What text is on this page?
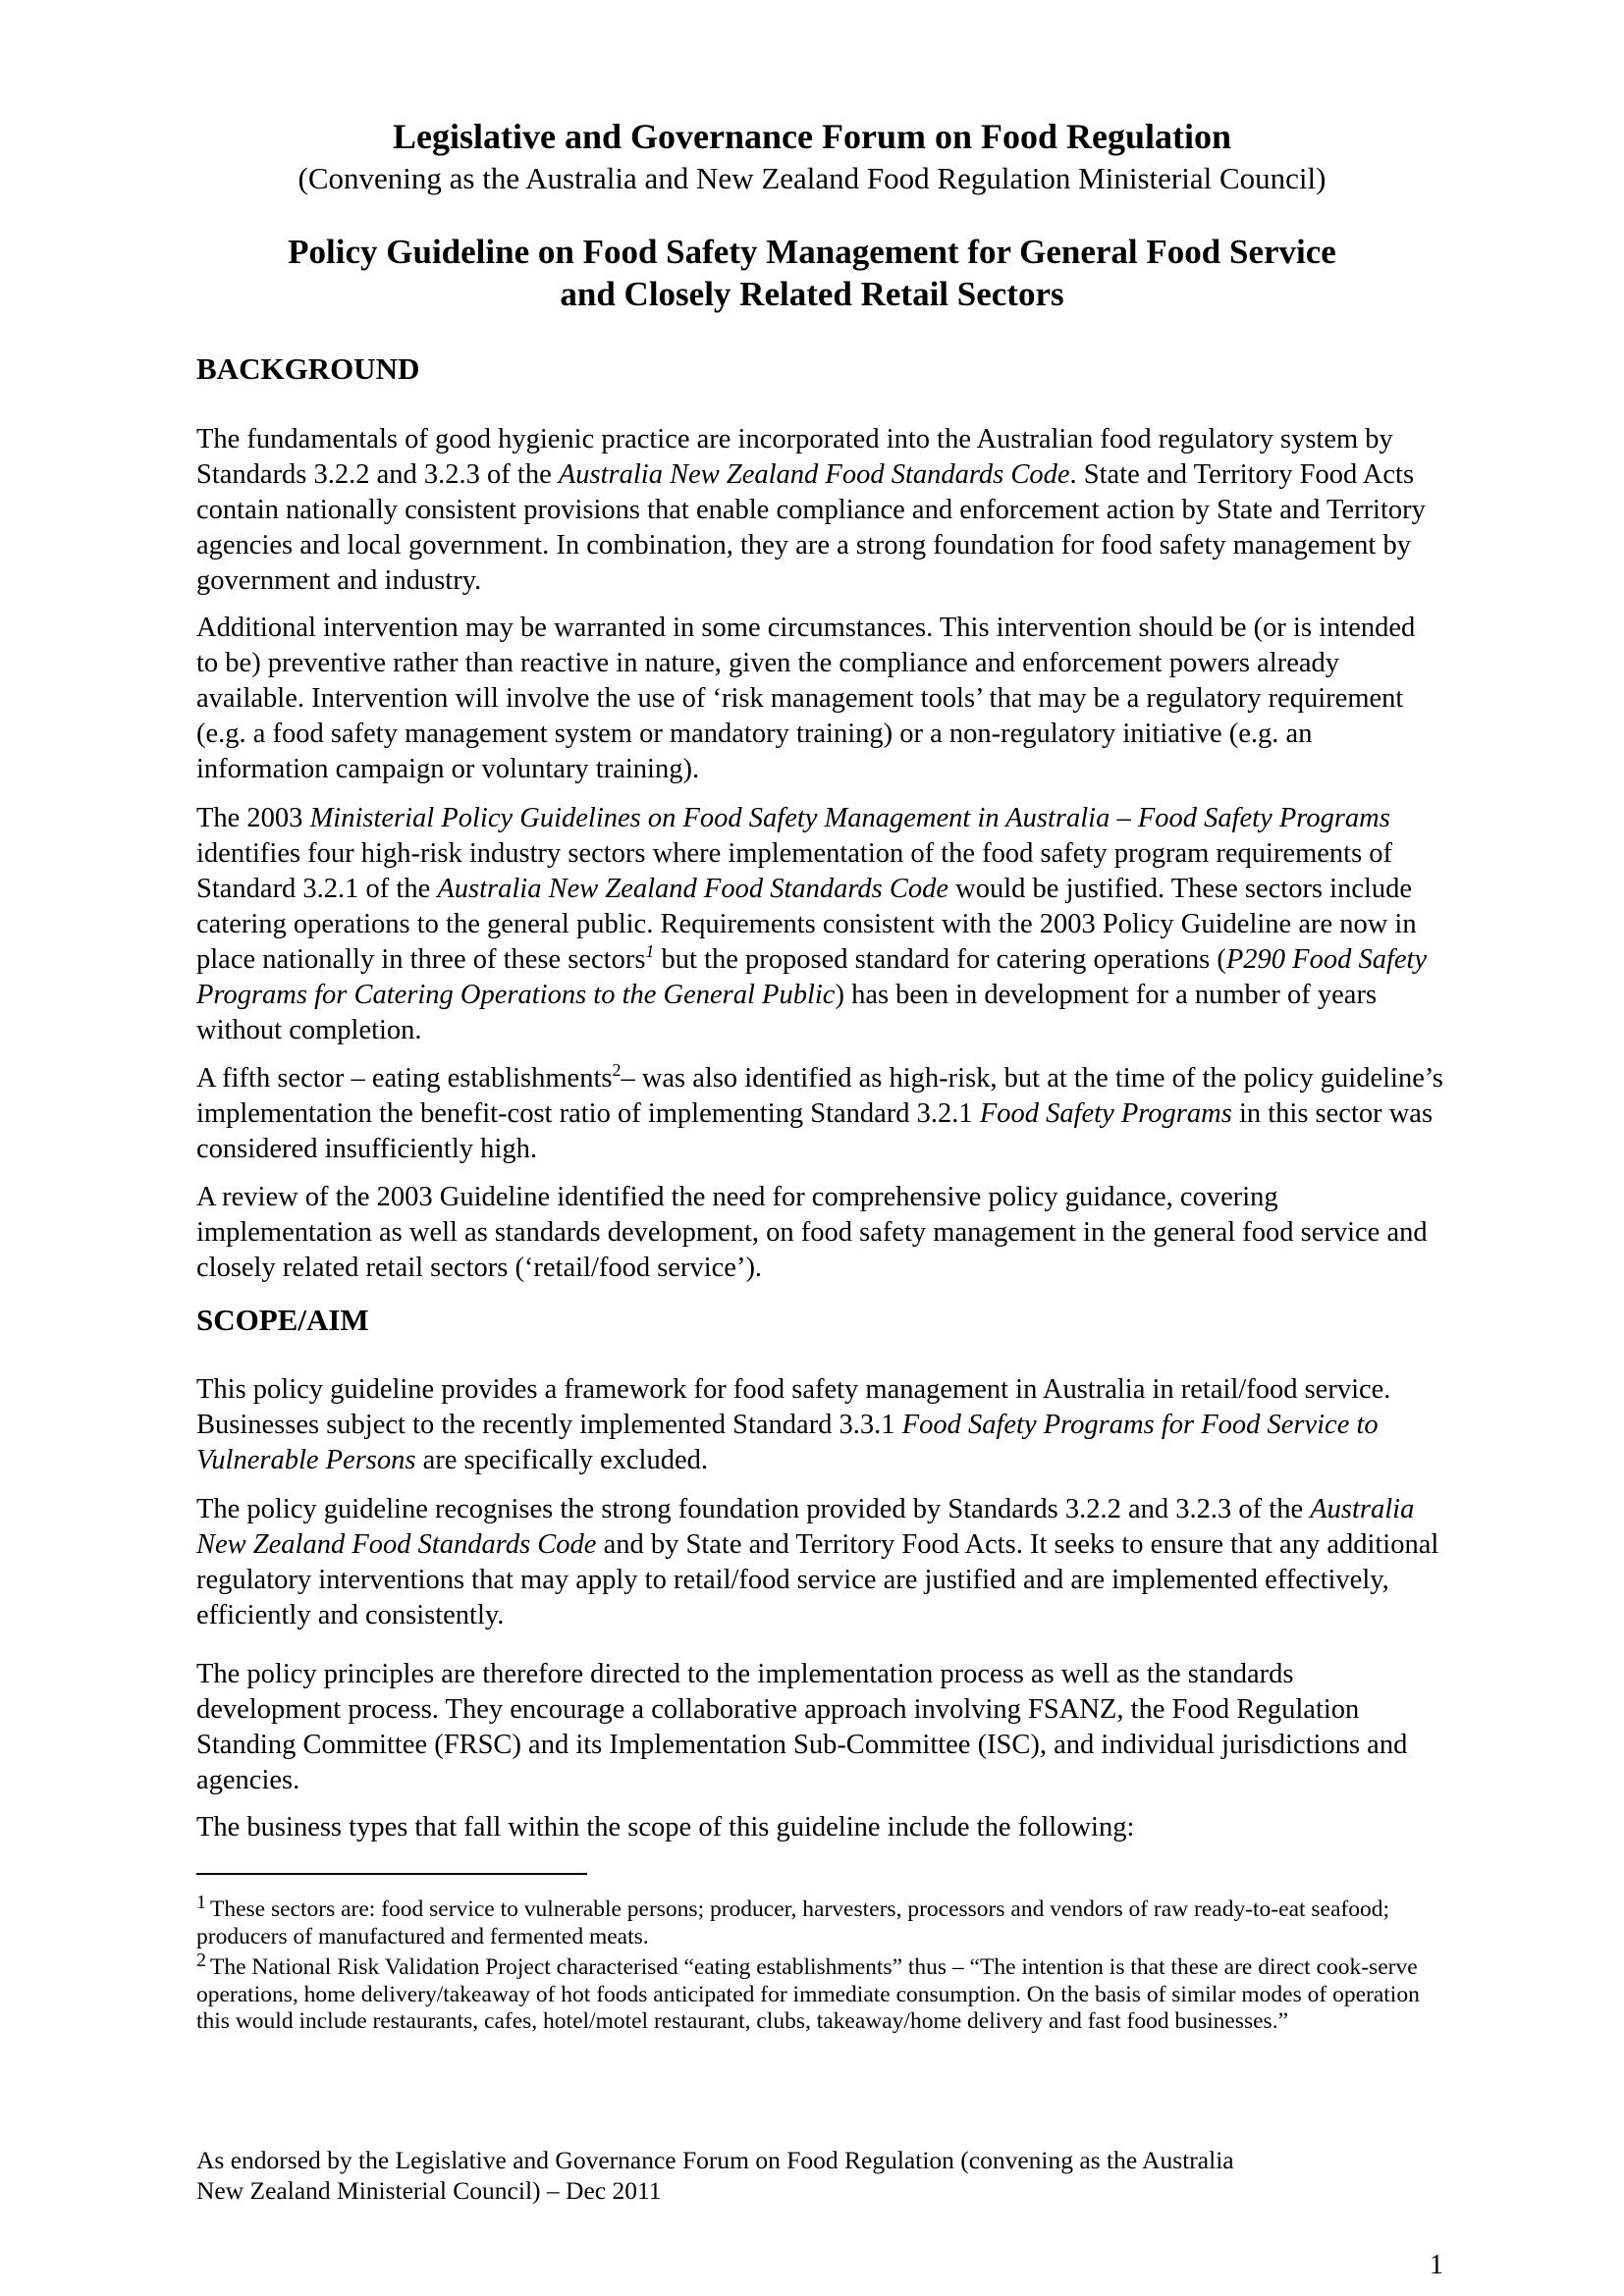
Legislative and Governance Forum on Food Regulation
(Convening as the Australia and New Zealand Food Regulation Ministerial Council)
Policy Guideline on Food Safety Management for General Food Service
and Closely Related Retail Sectors
BACKGROUND
The fundamentals of good hygienic practice are incorporated into the Australian food regulatory system by Standards 3.2.2 and 3.2.3 of the Australia New Zealand Food Standards Code. State and Territory Food Acts contain nationally consistent provisions that enable compliance and enforcement action by State and Territory agencies and local government. In combination, they are a strong foundation for food safety management by government and industry.
Additional intervention may be warranted in some circumstances. This intervention should be (or is intended to be) preventive rather than reactive in nature, given the compliance and enforcement powers already available. Intervention will involve the use of ‘risk management tools’ that may be a regulatory requirement (e.g. a food safety management system or mandatory training) or a non-regulatory initiative (e.g. an information campaign or voluntary training).
The 2003 Ministerial Policy Guidelines on Food Safety Management in Australia – Food Safety Programs identifies four high-risk industry sectors where implementation of the food safety program requirements of Standard 3.2.1 of the Australia New Zealand Food Standards Code would be justified. These sectors include catering operations to the general public. Requirements consistent with the 2003 Policy Guideline are now in place nationally in three of these sectors$^1$ but the proposed standard for catering operations (P290 Food Safety Programs for Catering Operations to the General Public) has been in development for a number of years without completion.
A fifth sector – eating establishments$^2$– was also identified as high-risk, but at the time of the policy guideline’s implementation the benefit-cost ratio of implementing Standard 3.2.1 Food Safety Programs in this sector was considered insufficiently high.
A review of the 2003 Guideline identified the need for comprehensive policy guidance, covering implementation as well as standards development, on food safety management in the general food service and closely related retail sectors (‘retail/food service’).
SCOPE/AIM
This policy guideline provides a framework for food safety management in Australia in retail/food service. Businesses subject to the recently implemented Standard 3.3.1 Food Safety Programs for Food Service to Vulnerable Persons are specifically excluded.
The policy guideline recognises the strong foundation provided by Standards 3.2.2 and 3.2.3 of the Australia New Zealand Food Standards Code and by State and Territory Food Acts. It seeks to ensure that any additional regulatory interventions that may apply to retail/food service are justified and are implemented effectively, efficiently and consistently.
The policy principles are therefore directed to the implementation process as well as the standards development process. They encourage a collaborative approach involving FSANZ, the Food Regulation Standing Committee (FRSC) and its Implementation Sub-Committee (ISC), and individual jurisdictions and agencies.
The business types that fall within the scope of this guideline include the following:
1 These sectors are: food service to vulnerable persons; producer, harvesters, processors and vendors of raw ready-to-eat seafood; producers of manufactured and fermented meats.
2 The National Risk Validation Project characterised “eating establishments” thus – “The intention is that these are direct cook-serve operations, home delivery/takeaway of hot foods anticipated for immediate consumption. On the basis of similar modes of operation this would include restaurants, cafes, hotel/motel restaurant, clubs, takeaway/home delivery and fast food businesses.”
As endorsed by the Legislative and Governance Forum on Food Regulation (convening as the Australia
New Zealand Ministerial Council) – Dec 2011
1
